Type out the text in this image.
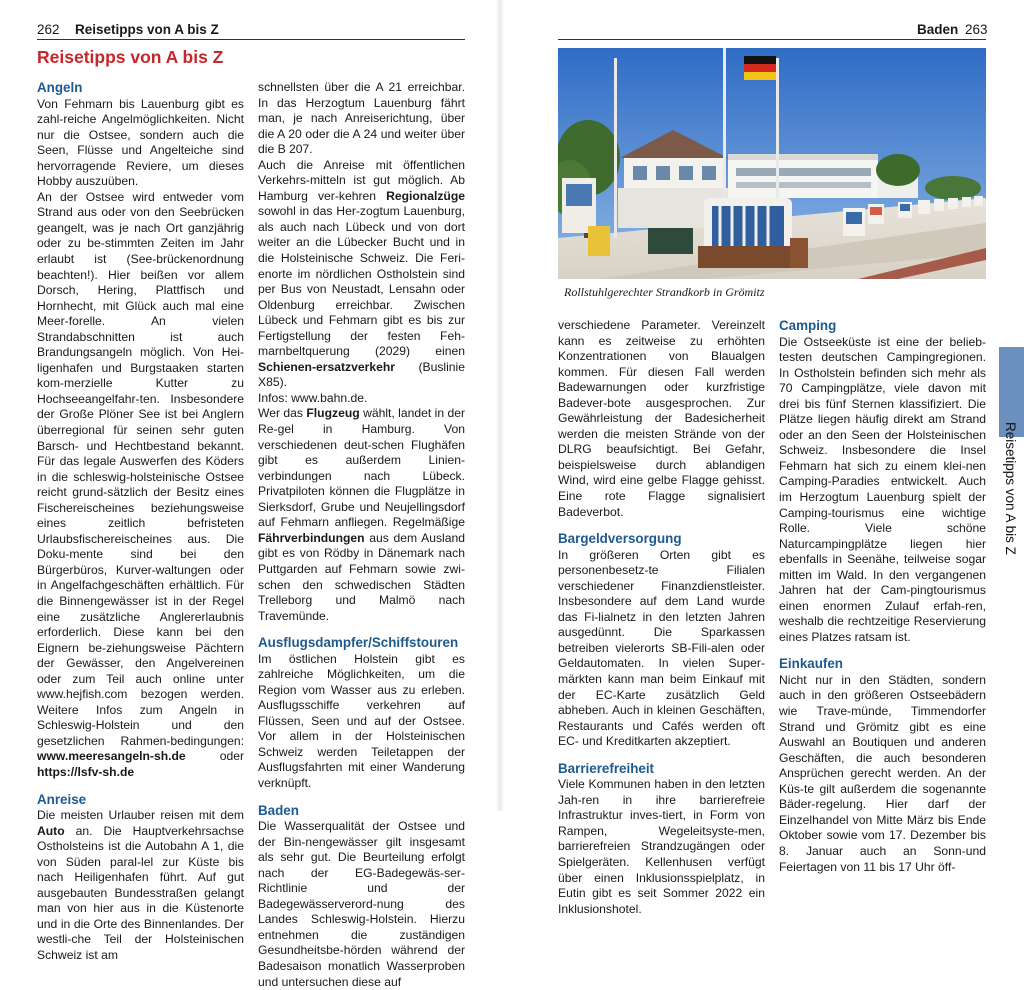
262 Reisetipps von A bis Z
Reisetipps von A bis Z

Angeln

Von Fehmarn bis Lauenburg gibt es zahl-reiche Angelmöglichkeiten. Nicht nur die Ostsee, sondern auch die Seen, Flüsse und Angelteiche sind hervorragende Reviere, um dieses Hobby auszuüben.

An der Ostsee wird entweder vom Strand aus oder von den Seebrücken geangelt, was je nach Ort ganzjährig oder zu be-stimmten Zeiten im Jahr erlaubt ist (See-brückenordnung beachten!). Hier beißen vor allem Dorsch, Hering, Plattfisch und Hornhecht, mit Glück auch mal eine Meer-forelle. An vielen Strandabschnitten ist auch Brandungsangeln möglich. Von Hei-ligenhafen und Burgstaaken starten kom-merzielle Kutter zu Hochseeangelfahr-ten. Insbesondere der Große Plöner See ist bei Anglern überregional für seinen sehr guten Barsch- und Hechtbestand bekannt. Für das legale Auswerfen des Köders in die schleswig-holsteinische Ostsee reicht grund-sätzlich der Besitz eines Fischereischeines beziehungsweise eines zeitlich befristeten Urlaubsfischereischeines aus. Die Doku-mente sind bei den Bürgerbüros, Kurver-waltungen oder in Angelfachgeschäften erhältlich. Für die Binnengewässer ist in der Regel eine zusätzliche Anglererlaubnis erforderlich. Diese kann bei den Eignern be-ziehungsweise Pächtern der Gewässer, den Angelvereinen oder zum Teil auch online unter www.hejfish.com bezogen werden. Weitere Infos zum Angeln in Schleswig-Holstein und den gesetzlichen Rahmen-bedingungen: www.meeresangeln-sh.de	oder https://lsfv-sh.de

Anreise

Die meisten Urlauber reisen mit dem Auto an. Die Hauptverkehrsachse Ostholsteins ist die Autobahn A 1, die von Süden paral-lel zur Küste bis nach Heiligenhafen führt. Auf gut ausgebauten Bundesstraßen gelangt man von hier aus in die Küstenorte und in die Orte des Binnenlandes. Der westli-che Teil der Holsteinischen Schweiz ist am

schnellsten über die A 21 erreichbar. In das Herzogtum Lauenburg fährt man, je nach Anreiserichtung, über die A 20 oder die A 24 und weiter über die B 207.

Auch die Anreise mit öffentlichen Verkehrs-mitteln ist gut möglich. Ab Hamburg ver-kehren Regionalzüge sowohl in das Her-zogtum Lauenburg, als auch nach Lübeck und von dort weiter an die Lübecker Bucht und in die Holsteinische Schweiz. Die Feri-enorte im nördlichen Ostholstein sind per Bus von Neustadt, Lensahn oder Oldenburg erreichbar. Zwischen Lübeck und Fehmarn gibt es bis zur Fertigstellung der festen Feh-marnbeltquerung (2029) einen Schienen-ersatzverkehr (Buslinie X85).

Infos: www.bahn.de.

Wer das Flugzeug wählt, landet in der Re-gel in Hamburg. Von verschiedenen deut-schen Flughäfen gibt es außerdem Linien-verbindungen nach Lübeck. Privatpiloten können die Flugplätze in Sierksdorf, Grube und Neujellingsdorf auf Fehmarn anfliegen. Regelmäßige Fährverbindungen aus dem Ausland gibt es von Rödby in Dänemark nach Puttgarden auf Fehmarn sowie zwi-schen den schwedischen Städten Trelleborg und Malmö nach Travemünde.

Ausflugsdampfer/Schiffstouren

Im östlichen Holstein gibt es zahlreiche Möglichkeiten, um die Region vom Wasser aus zu erleben. Ausflugsschiffe verkehren auf Flüssen, Seen und auf der Ostsee. Vor allem in der Holsteinischen Schweiz werden Teiletappen der Ausflugsfahrten mit einer Wanderung verknüpft.

Baden

Die Wasserqualität der Ostsee und der Bin-nengewässer gilt insgesamt als sehr gut. Die Beurteilung erfolgt nach der EG-Badegewäs-ser-Richtlinie und der Badegewässerverord-nung des Landes Schleswig-Holstein. Hierzu entnehmen die zuständigen Gesundheitsbe-hörden während der Badesaison monatlich Wasserproben und untersuchen diese auf

Baden 263
Rollstuhlgerechter Strandkorb in Grömitz

verschiedene Parameter. Vereinzelt kann es zeitweise zu erhöhten Konzentrationen von Blaualgen kommen. Für diesen Fall werden Badewarnungen oder kurzfristige Badever-bote ausgesprochen. Zur Gewährleistung der Badesicherheit werden die meisten Strände von der DLRG beaufsichtigt. Bei Gefahr, beispielsweise durch ablandigen Wind, wird eine gelbe Flagge gehisst. Eine rote Flagge signalisiert Badeverbot.

Bargeldversorgung

In größeren Orten gibt es personenbesetz-te Filialen verschiedener Finanzdienstleister. Insbesondere auf dem Land wurde das Fi-lialnetz in den letzten Jahren ausgedünnt. Die Sparkassen betreiben vielerorts SB-Fili-alen oder Geldautomaten. In vielen Super-märkten kann man beim Einkauf mit der EC-Karte zusätzlich Geld abheben. Auch in kleinen Geschäften, Restaurants und Cafés werden oft EC- und Kreditkarten akzeptiert.

Barrierefreiheit

Viele Kommunen haben in den letzten Jah-ren in ihre barrierefreie Infrastruktur inves-tiert, in Form von Rampen, Wegeleitsyste-men, barrierefreien Strandzugängen oder Spielgeräten. Kellenhusen verfügt über einen Inklusionsspielplatz, in Eutin gibt es seit Sommer 2022 ein Inklusionshotel.

Camping

Die Ostseeküste ist eine der beliеb-testen deutschen Campingregionen. In Ostholstein befinden sich mehr als 70 Campingplätze, viele davon mit drei bis fünf Sternen klassifiziert. Die Plätze liegen häufig direkt am Strand oder an den Seen der Holsteinischen Schweiz. Insbesondere die Insel Fehmarn hat sich zu einem klei-nen Camping-Paradies entwickelt. Auch im Herzogtum Lauenburg spielt der Camping-tourismus eine wichtige Rolle. Viele schöne Naturcampingplätze liegen hier ebenfalls in Seenähe, teilweise sogar mitten im Wald. In den vergangenen Jahren hat der Cam-pingtourismus einen enormen Zulauf erfah-ren, weshalb die rechtzeitige Reservierung eines Platzes ratsam ist.

Einkaufen

Nicht nur in den Städten, sondern auch in den größeren Ostseebädern wie Trave-münde, Timmendorfer Strand und Grömitz gibt es eine Auswahl an Boutiquen und anderen Geschäften, die auch besonderen Ansprüchen gerecht werden. An der Küs-te gilt außerdem die sogenannte Bäder-regelung. Hier darf der Einzelhandel von Mitte März bis Ende Oktober sowie vom 17. Dezember bis 8. Januar auch an Sonn-und Feiertagen von 11 bis 17 Uhr öff-

Reisetipps von A bis Z
